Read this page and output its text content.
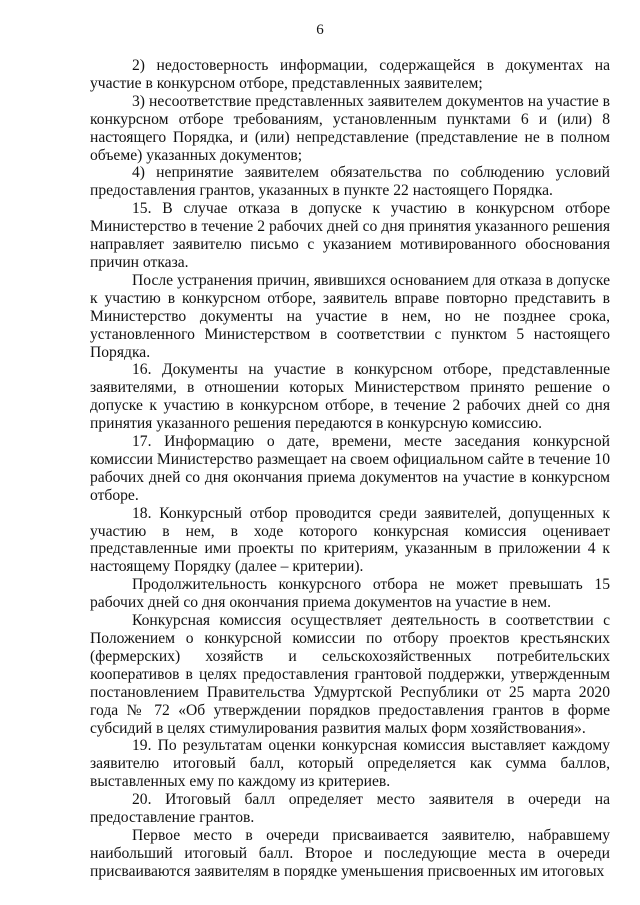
6

2) недостоверность информации, содержащейся в документах на участие в конкурсном отборе, представленных заявителем;

3) несоответствие представленных заявителем документов на участие в конкурсном отборе требованиям, установленным пунктами 6 и (или) 8 настоящего Порядка, и (или) непредставление (представление не в полном объеме) указанных документов;

4) непринятие заявителем обязательства по соблюдению условий предоставления грантов, указанных в пункте 22 настоящего Порядка.

15. В случае отказа в допуске к участию в конкурсном отборе Министерство в течение 2 рабочих дней со дня принятия указанного решения направляет заявителю письмо с указанием мотивированного обоснования причин отказа.

После устранения причин, явившихся основанием для отказа в допуске к участию в конкурсном отборе, заявитель вправе повторно представить в Министерство документы на участие в нем, но не позднее срока, установленного Министерством в соответствии с пунктом 5 настоящего Порядка.

16. Документы на участие в конкурсном отборе, представленные заявителями, в отношении которых Министерством принято решение о допуске к участию в конкурсном отборе, в течение 2 рабочих дней со дня принятия указанного решения передаются в конкурсную комиссию.

17. Информацию о дате, времени, месте заседания конкурсной комиссии Министерство размещает на своем официальном сайте в течение 10 рабочих дней со дня окончания приема документов на участие в конкурсном отборе.

18. Конкурсный отбор проводится среди заявителей, допущенных к участию в нем, в ходе которого конкурсная комиссия оценивает представленные ими проекты по критериям, указанным в приложении 4 к настоящему Порядку (далее – критерии).

Продолжительность конкурсного отбора не может превышать 15 рабочих дней со дня окончания приема документов на участие в нем.

Конкурсная комиссия осуществляет деятельность в соответствии с Положением о конкурсной комиссии по отбору проектов крестьянских (фермерских) хозяйств и сельскохозяйственных потребительских кооперативов в целях предоставления грантовой поддержки, утвержденным постановлением Правительства Удмуртской Республики от 25 марта 2020 года № 72 «Об утверждении порядков предоставления грантов в форме субсидий в целях стимулирования развития малых форм хозяйствования».

19. По результатам оценки конкурсная комиссия выставляет каждому заявителю итоговый балл, который определяется как сумма баллов, выставленных ему по каждому из критериев.

20. Итоговый балл определяет место заявителя в очереди на предоставление грантов.

Первое место в очереди присваивается заявителю, набравшему наибольший итоговый балл. Второе и последующие места в очереди присваиваются заявителям в порядке уменьшения присвоенных им итоговых
